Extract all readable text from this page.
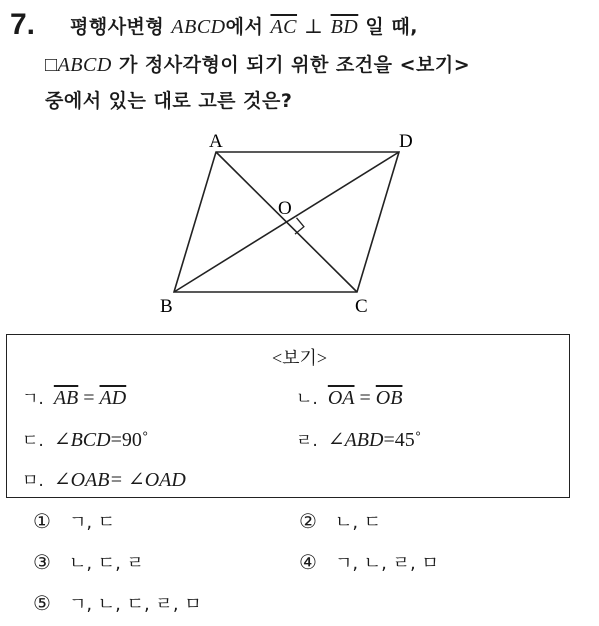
7. 평행사변형 ABCD에서 $\overline{AC}$ ⊥ $\overline{BD}$ 일 때,
□ABCD 가 정사각형이 되기 위한 조건을 <보기>
중에서 있는 대로 고른 것은?
A	D
B	C
O
<보기>
ㄱ. $\overline{AB} = \overline{AD}$	ㄴ. $\overline{OA} = \overline{OB}$
ㄷ. ∠BCD=90˚	ㄹ. ∠ABD=45˚
ㅁ. ∠OAB= ∠OAD
① ㄱ, ㄷ	② ㄴ, ㄷ
③ ㄴ, ㄷ, ㄹ	④ ㄱ, ㄴ, ㄹ, ㅁ
⑤ ㄱ, ㄴ, ㄷ, ㄹ, ㅁ
